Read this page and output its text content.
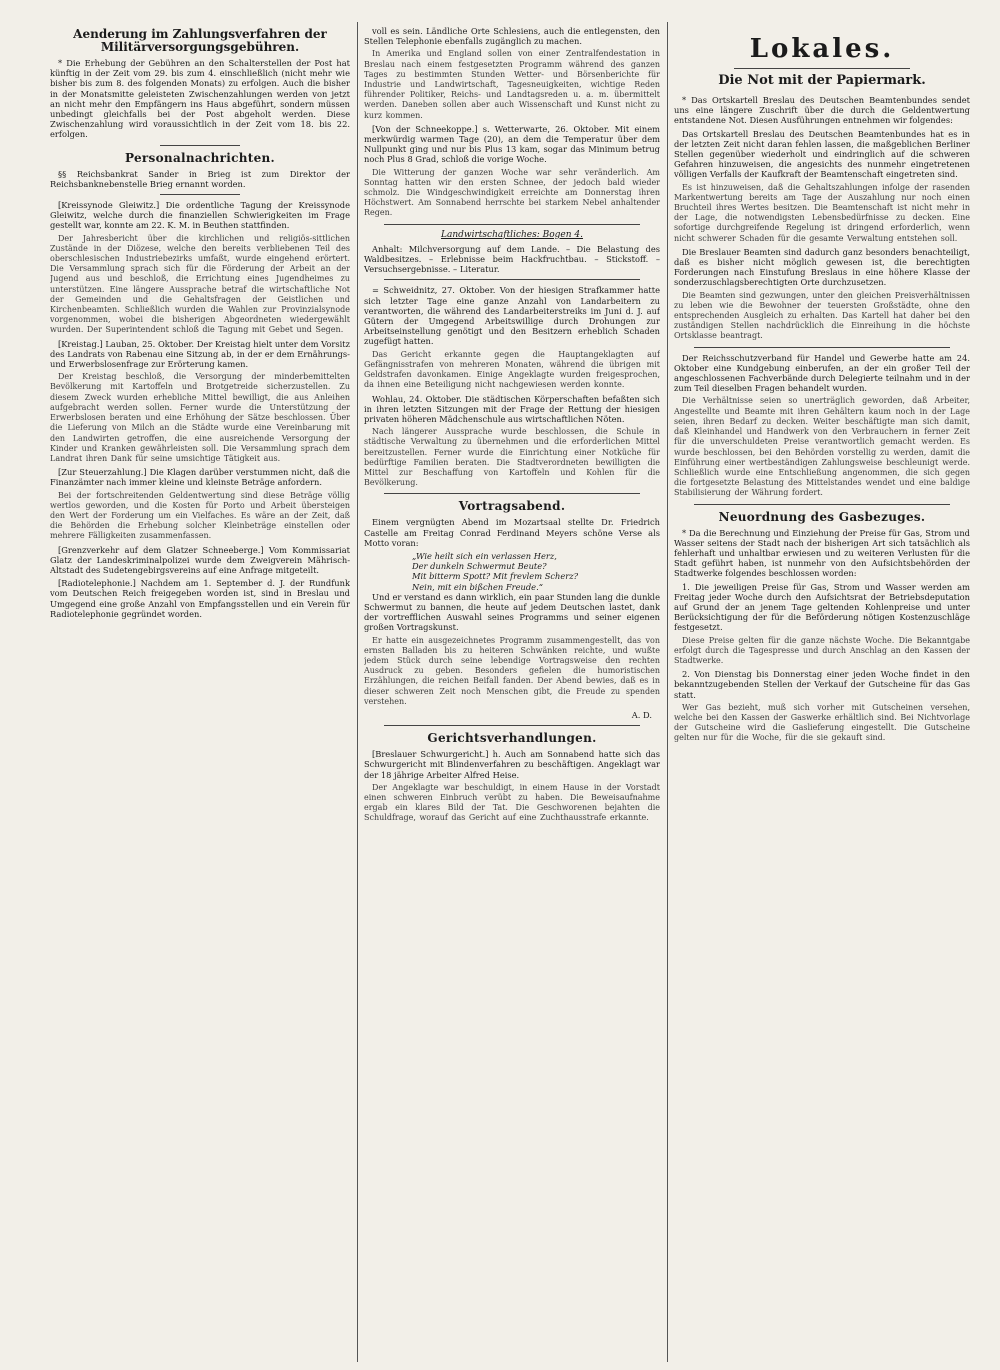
Aenderung im Zahlungsverfahren der Militärversorgungsgebühren.

* Die Erhebung der Gebühren an den Schalterstellen der Post hat künftig in der Zeit vom 29. bis zum 4. einschließlich (nicht mehr wie bisher bis zum 8. des folgenden Monats) zu erfolgen. Auch die bisher in der Monatsmitte geleisteten Zwischenzahlungen werden von jetzt an nicht mehr den Empfängern ins Haus abgeführt, sondern müssen unbedingt gleichfalls bei der Post abgeholt werden. Diese Zwischenzahlung wird voraussichtlich in der Zeit vom 18. bis 22. erfolgen.

Personalnachrichten.

§§ Reichsbankrat Sander in Brieg ist zum Direktor der Reichsbanknebenstelle Brieg ernannt worden.

[Kreissynode Gleiwitz.] Die ordentliche Tagung der Kreissynode Gleiwitz, welche durch die finanziellen Schwierigkeiten im Frage gestellt war, konnte am 22. K. M. in Beuthen stattfinden.

Der Jahresbericht über die kirchlichen und religiös-sittlichen Zustände in der Diözese, welche den bereits verbliebenen Teil des oberschlesischen Industriebezirks umfaßt, wurde eingehend erörtert. Die Versammlung sprach sich für die Förderung der Arbeit an der Jugend aus und beschloß, die Errichtung eines Jugendheimes zu unterstützen. Eine längere Aussprache betraf die wirtschaftliche Not der Gemeinden und die Gehaltsfragen der Geistlichen und Kirchenbeamten. Schließlich wurden die Wahlen zur Provinzialsynode vorgenommen, wobei die bisherigen Abgeordneten wiedergewählt wurden. Der Superintendent schloß die Tagung mit Gebet und Segen.

[Kreistag.] Lauban, 25. Oktober. Der Kreistag hielt unter dem Vorsitz des Landrats von Rabenau eine Sitzung ab, in der er dem Ernährungs- und Erwerbslosenfrage zur Erörterung kamen.

Der Kreistag beschloß, die Versorgung der minderbemittelten Bevölkerung mit Kartoffeln und Brotgetreide sicherzustellen. Zu diesem Zweck wurden erhebliche Mittel bewilligt, die aus Anleihen aufgebracht werden sollen. Ferner wurde die Unterstützung der Erwerbslosen beraten und eine Erhöhung der Sätze beschlossen. Über die Lieferung von Milch an die Städte wurde eine Vereinbarung mit den Landwirten getroffen, die eine ausreichende Versorgung der Kinder und Kranken gewährleisten soll. Die Versammlung sprach dem Landrat ihren Dank für seine umsichtige Tätigkeit aus.

[Zur Steuerzahlung.] Die Klagen darüber verstummen nicht, daß die Finanzämter nach immer kleine und kleinste Beträge anfordern.

Bei der fortschreitenden Geldentwertung sind diese Beträge völlig wertlos geworden, und die Kosten für Porto und Arbeit übersteigen den Wert der Forderung um ein Vielfaches. Es wäre an der Zeit, daß die Behörden die Erhebung solcher Kleinbeträge einstellen oder mehrere Fälligkeiten zusammenfassen.

[Grenzverkehr auf dem Glatzer Schneeberge.] Vom Kommissariat Glatz der Landeskriminalpolizei wurde dem Zweigverein Mährisch-Altstadt des Sudetengebirgsvereins auf eine Anfrage mitgeteilt.

[Radiotelephonie.] Nachdem am 1. September d. J. der Rundfunk vom Deutschen Reich freigegeben worden ist, sind in Breslau und Umgegend eine große Anzahl von Empfangsstellen und ein Verein für Radiotelephonie gegründet worden.

voll es sein. Ländliche Orte Schlesiens, auch die entlegensten, den Stellen Telephonie ebenfalls zugänglich zu machen.

In Amerika und England sollen von einer Zentralfendestation in Breslau nach einem festgesetzten Programm während des ganzen Tages zu bestimmten Stunden Wetter- und Börsenberichte für Industrie und Landwirtschaft, Tagesneuigkeiten, wichtige Reden führender Politiker, Reichs- und Landtagsreden u. a. m. übermittelt werden. Daneben sollen aber auch Wissenschaft und Kunst nicht zu kurz kommen.

[Von der Schneekoppe.] s. Wetterwarte, 26. Oktober. Mit einem merkwürdig warmen Tage (20), an dem die Temperatur über dem Nullpunkt ging und nur bis Plus 13 kam, sogar das Minimum betrug noch Plus 8 Grad, schloß die vorige Woche.

Die Witterung der ganzen Woche war sehr veränderlich. Am Sonntag hatten wir den ersten Schnee, der jedoch bald wieder schmolz. Die Windgeschwindigkeit erreichte am Donnerstag ihren Höchstwert. Am Sonnabend herrschte bei starkem Nebel anhaltender Regen.

Landwirtschaftliches: Bogen 4.

Anhalt: Milchversorgung auf dem Lande. – Die Belastung des Waldbesitzes. – Erlebnisse beim Hackfruchtbau. – Stickstoff. – Versuchsergebnisse. – Literatur.

= Schweidnitz, 27. Oktober. Von der hiesigen Strafkammer hatte sich letzter Tage eine ganze Anzahl von Landarbeitern zu verantworten, die während des Landarbeiterstreiks im Juni d. J. auf Gütern der Umgegend Arbeitswillige durch Drohungen zur Arbeitseinstellung genötigt und den Besitzern erheblich Schaden zugefügt hatten.

Das Gericht erkannte gegen die Hauptangeklagten auf Gefängnisstrafen von mehreren Monaten, während die übrigen mit Geldstrafen davonkamen. Einige Angeklagte wurden freigesprochen, da ihnen eine Beteiligung nicht nachgewiesen werden konnte.

Wohlau, 24. Oktober. Die städtischen Körperschaften befaßten sich in ihren letzten Sitzungen mit der Frage der Rettung der hiesigen privaten höheren Mädchenschule aus wirtschaftlichen Nöten.

Nach längerer Aussprache wurde beschlossen, die Schule in städtische Verwaltung zu übernehmen und die erforderlichen Mittel bereitzustellen. Ferner wurde die Einrichtung einer Notküche für bedürftige Familien beraten. Die Stadtverordneten bewilligten die Mittel zur Beschaffung von Kartoffeln und Kohlen für die Bevölkerung.

Vortragsabend.

Einem vergnügten Abend im Mozartsaal stellte Dr. Friedrich Castelle am Freitag Conrad Ferdinand Meyers schöne Verse als Motto voran:

„Wie heilt sich ein verlassen Herz,
Der dunkeln Schwermut Beute?
Mit bitterm Spott? Mit frevlem Scherz?
Nein, mit ein bißchen Freude.“

Und er verstand es dann wirklich, ein paar Stunden lang die dunkle Schwermut zu bannen, die heute auf jedem Deutschen lastet, dank der vortrefflichen Auswahl seines Programms und seiner eigenen großen Vortragskunst.

Er hatte ein ausgezeichnetes Programm zusammengestellt, das von ernsten Balladen bis zu heiteren Schwänken reichte, und wußte jedem Stück durch seine lebendige Vortragsweise den rechten Ausdruck zu geben. Besonders gefielen die humoristischen Erzählungen, die reichen Beifall fanden. Der Abend bewies, daß es in dieser schweren Zeit noch Menschen gibt, die Freude zu spenden verstehen.

A. D.
Gerichtsverhandlungen.

[Breslauer Schwurgericht.] h. Auch am Sonnabend hatte sich das Schwurgericht mit Blindenverfahren zu beschäftigen. Angeklagt war der 18 jährige Arbeiter Alfred Heise.

Der Angeklagte war beschuldigt, in einem Hause in der Vorstadt einen schweren Einbruch verübt zu haben. Die Beweisaufnahme ergab ein klares Bild der Tat. Die Geschworenen bejahten die Schuldfrage, worauf das Gericht auf eine Zuchthausstrafe erkannte.

Lokales.
Die Not mit der Papiermark.

* Das Ortskartell Breslau des Deutschen Beamtenbundes sendet uns eine längere Zuschrift über die durch die Geldentwertung entstandene Not. Diesen Ausführungen entnehmen wir folgendes:

Das Ortskartell Breslau des Deutschen Beamtenbundes hat es in der letzten Zeit nicht daran fehlen lassen, die maßgeblichen Berliner Stellen gegenüber wiederholt und eindringlich auf die schweren Gefahren hinzuweisen, die angesichts des nunmehr eingetretenen völligen Verfalls der Kaufkraft der Beamtenschaft eingetreten sind.

Es ist hinzuweisen, daß die Gehaltszahlungen infolge der rasenden Markentwertung bereits am Tage der Auszahlung nur noch einen Bruchteil ihres Wertes besitzen. Die Beamtenschaft ist nicht mehr in der Lage, die notwendigsten Lebensbedürfnisse zu decken. Eine sofortige durchgreifende Regelung ist dringend erforderlich, wenn nicht schwerer Schaden für die gesamte Verwaltung entstehen soll.

Die Breslauer Beamten sind dadurch ganz besonders benachteiligt, daß es bisher nicht möglich gewesen ist, die berechtigten Forderungen nach Einstufung Breslaus in eine höhere Klasse der sonderzuschlagsberechtigten Orte durchzusetzen.

Die Beamten sind gezwungen, unter den gleichen Preisverhältnissen zu leben wie die Bewohner der teuersten Großstädte, ohne den entsprechenden Ausgleich zu erhalten. Das Kartell hat daher bei den zuständigen Stellen nachdrücklich die Einreihung in die höchste Ortsklasse beantragt.

Der Reichsschutzverband für Handel und Gewerbe hatte am 24. Oktober eine Kundgebung einberufen, an der ein großer Teil der angeschlossenen Fachverbände durch Delegierte teilnahm und in der zum Teil dieselben Fragen behandelt wurden.

Die Verhältnisse seien so unerträglich geworden, daß Arbeiter, Angestellte und Beamte mit ihren Gehältern kaum noch in der Lage seien, ihren Bedarf zu decken. Weiter beschäftigte man sich damit, daß Kleinhandel und Handwerk von den Verbrauchern in ferner Zeit für die unverschuldeten Preise verantwortlich gemacht werden. Es wurde beschlossen, bei den Behörden vorstellig zu werden, damit die Einführung einer wertbeständigen Zahlungsweise beschleunigt werde. Schließlich wurde eine Entschließung angenommen, die sich gegen die fortgesetzte Belastung des Mittelstandes wendet und eine baldige Stabilisierung der Währung fordert.

Neuordnung des Gasbezuges.

* Da die Berechnung und Einziehung der Preise für Gas, Strom und Wasser seitens der Stadt nach der bisherigen Art sich tatsächlich als fehlerhaft und unhaltbar erwiesen und zu weiteren Verlusten für die Stadt geführt haben, ist nunmehr von den Aufsichtsbehörden der Stadtwerke folgendes beschlossen worden:

1. Die jeweiligen Preise für Gas, Strom und Wasser werden am Freitag jeder Woche durch den Aufsichtsrat der Betriebsdeputation auf Grund der an jenem Tage geltenden Kohlenpreise und unter Berücksichtigung der für die Beförderung nötigen Kostenzuschläge festgesetzt.

Diese Preise gelten für die ganze nächste Woche. Die Bekanntgabe erfolgt durch die Tagespresse und durch Anschlag an den Kassen der Stadtwerke.

2. Von Dienstag bis Donnerstag einer jeden Woche findet in den bekanntzugebenden Stellen der Verkauf der Gutscheine für das Gas statt.

Wer Gas bezieht, muß sich vorher mit Gutscheinen versehen, welche bei den Kassen der Gaswerke erhältlich sind. Bei Nichtvorlage der Gutscheine wird die Gaslieferung eingestellt. Die Gutscheine gelten nur für die Woche, für die sie gekauft sind.
